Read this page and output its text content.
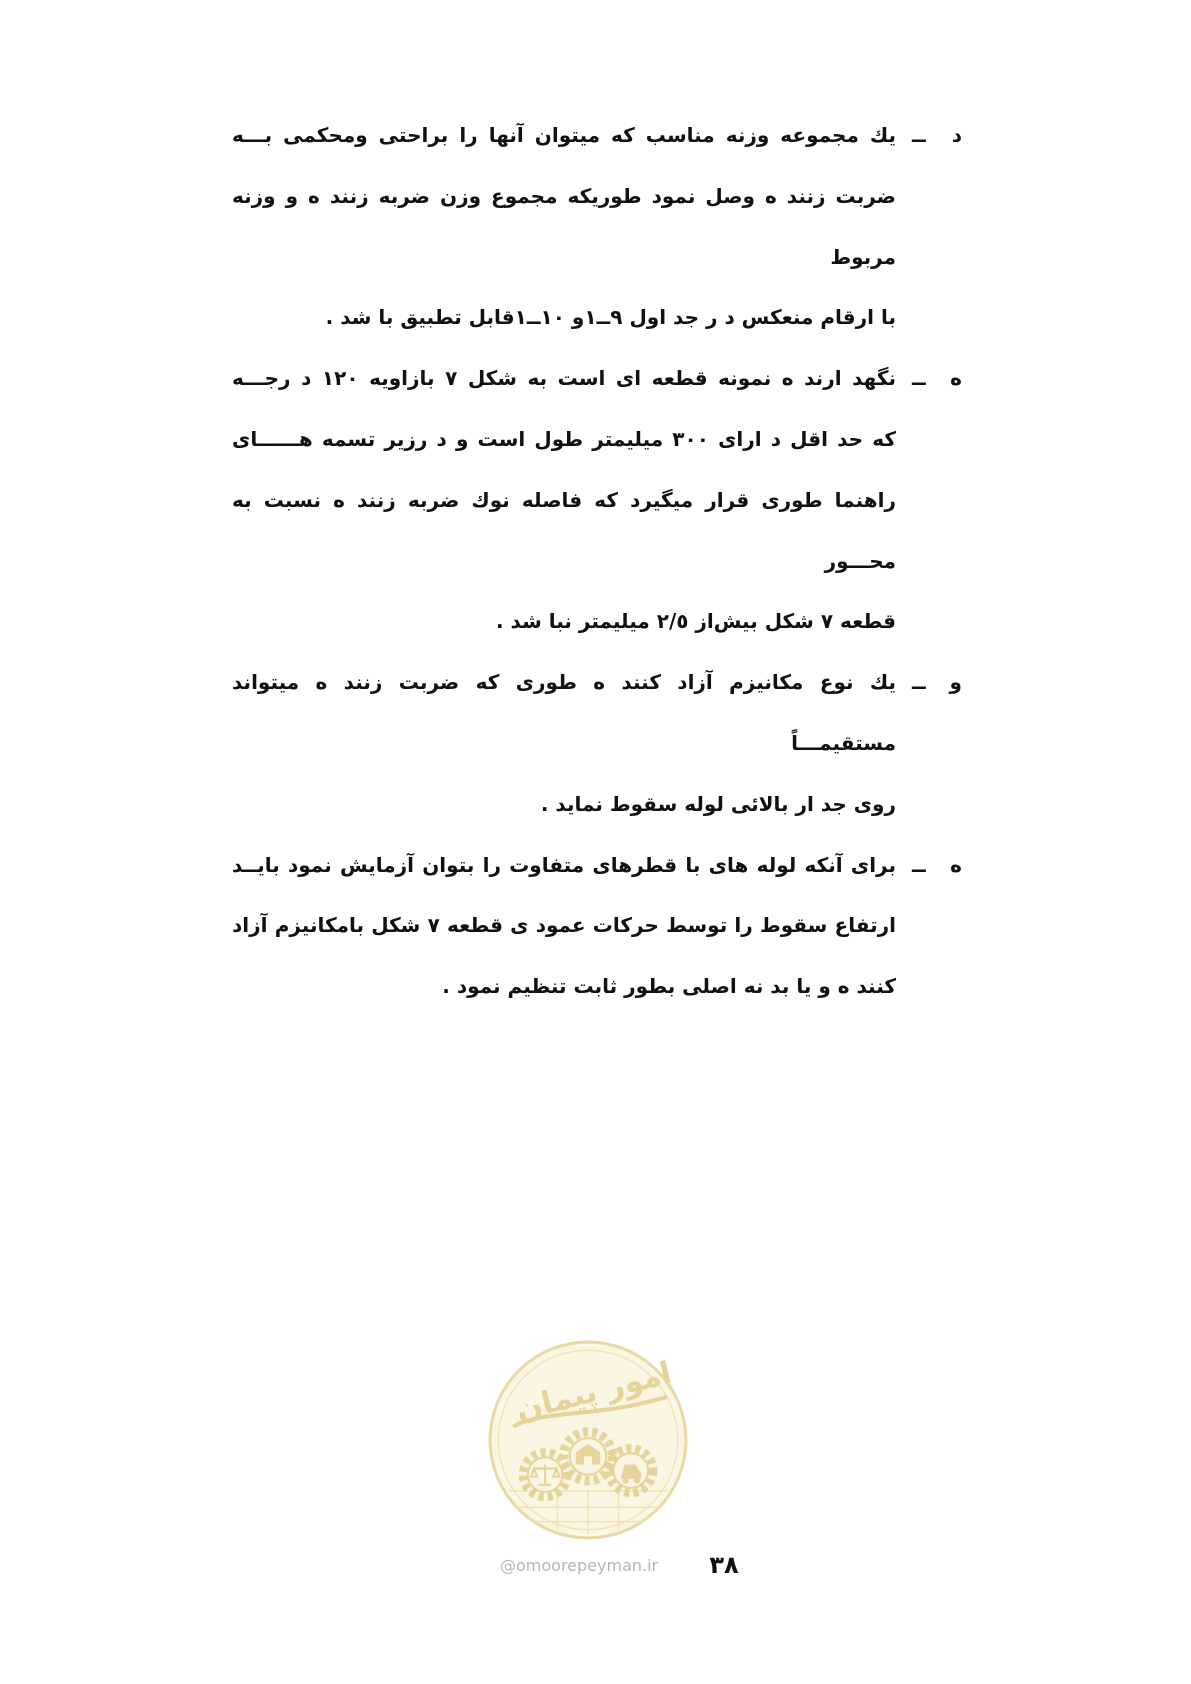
د ــ
یك مجموعه وزنه مناسب که میتوان آنها را براحتی ومحکمی بـــه
ضربت زنند ه وصل نمود طوریکه مجموع وزن ضربه زنند ه و وزنه مربوط
با ارقام منعکس د ر جد اول ۹ــ۱و ۱۰ــ۱قابل تطبیق با شد .
ه ــ
نگهد ارند ه نمونه قطعه ای است به شکل ۷ بازاویه ۱۲۰ د رجـــه
که حد اقل د ارای ۳۰۰ میلیمتر طول است و د رزیر تسمه هــــــای
راهنما طوری قرار میگیرد که فاصله نوك ضربه زنند ه نسبت به محـــور
قطعه ۷ شکل بیش‌از ۲/٥ میلیمتر نبا شد .
و ــ
یك نوع مکانیزم آزاد کنند ه طوری که ضربت زنند ه میتواند مستقیمـــاً
روی جد ار بالائی لوله سقوط نماید .
ه ــ
برای آنکه لوله های با قطرهای متفاوت را بتوان آزمایش نمود بایــد
ارتفاع سقوط را توسط حرکات عمود ی قطعه ۷ شکل بامکانیزم آزاد
کنند ه و یا بد نه اصلی بطور ثابت تنظیم نمود .
امور پیمان
@omoorepeyman.ir	۳۸
